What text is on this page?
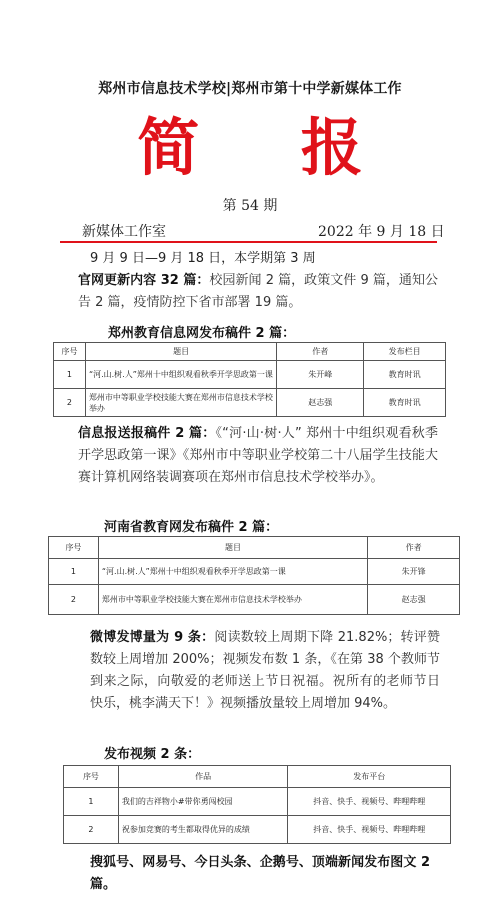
郑州市信息技术学校|郑州市第十中学新媒体工作
简 报
第 54 期
新媒体工作室	2022 年 9 月 18 日
9 月 9 日—9 月 18 日，本学期第 3 周
官网更新内容 32 篇：校园新闻 2 篇，政策文件 9 篇，通知公告 2 篇，疫情防控下省市部署 19 篇。
郑州教育信息网发布稿件 2 篇：
序号	题目	作者	发布栏目
1	“河.山.树.人”郑州十中组织观看秋季开学思政第一课	朱开峰	教育时讯
2	郑州市中等职业学校技能大赛在郑州市信息技术学校举办	赵志强	教育时讯
信息报送报稿件 2 篇：《“河·山·树·人” 郑州十中组织观看秋季开学思政第一课》《郑州市中等职业学校第二十八届学生技能大赛计算机网络装调赛项在郑州市信息技术学校举办》。
河南省教育网发布稿件 2 篇：
序号	题目	作者
1	“河.山.树.人”郑州十中组织观看秋季开学思政第一课	朱开锋
2	郑州市中等职业学校技能大赛在郑州市信息技术学校举办	赵志强
微博发博量为 9 条：阅读数较上周期下降 21.82%；转评赞数较上周增加 200%；视频发布数 1 条，《在第 38 个教师节到来之际，向敬爱的老师送上节日祝福。祝所有的老师节日快乐，桃李满天下！》视频播放量较上周增加 94%。
发布视频 2 条：
序号	作品	发布平台
1	我们的吉祥物小#带你勇闯校园	抖音、快手、视频号、哔哩哔哩
2	祝参加竞赛的考生都取得优异的成绩	抖音、快手、视频号、哔哩哔哩
搜狐号、网易号、今日头条、企鹅号、顶端新闻发布图文 2 篇。
